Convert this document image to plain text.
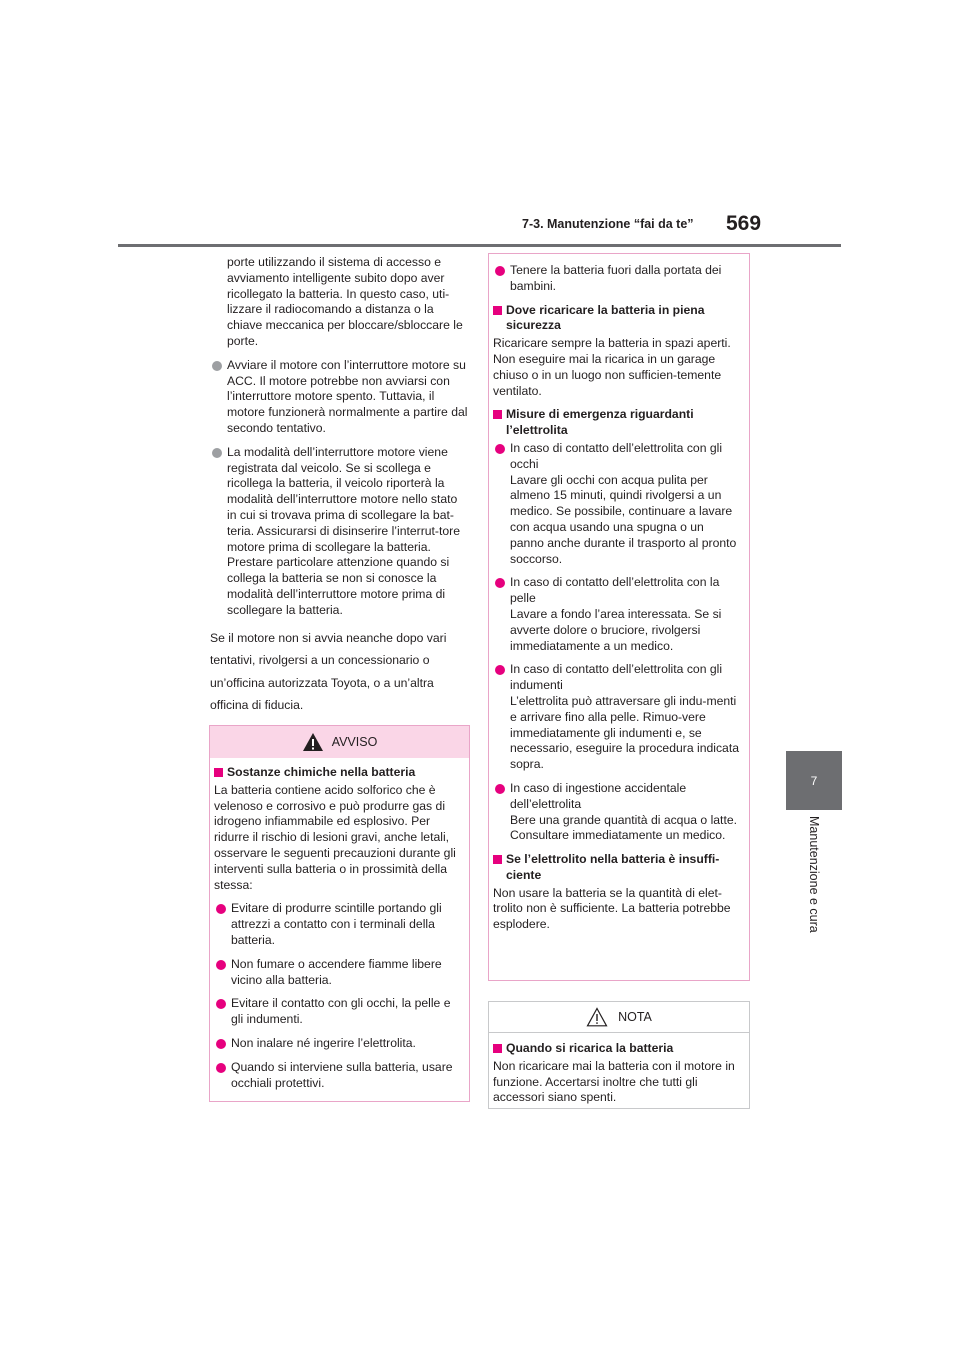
7-3. Manutenzione “fai da te” 569
7
Manutenzione e cura

porte utilizzando il sistema di accesso e avviamento intelligente subito dopo aver ricollegato la batteria. In questo caso, uti-lizzare il radiocomando a distanza o la chiave meccanica per bloccare/sbloccare le porte.

Avviare il motore con l’interruttore motore su ACC. Il motore potrebbe non avviarsi con l’interruttore motore spento. Tuttavia, il motore funzionerà normalmente a partire dal secondo tentativo.
La modalità dell’interruttore motore viene registrata dal veicolo. Se si scollega e ricollega la batteria, il veicolo riporterà la modalità dell’interruttore motore nello stato in cui si trovava prima di scollegare la bat-teria. Assicurarsi di disinserire l’interrut-tore motore prima di scollegare la batteria. Prestare particolare attenzione quando si collega la batteria se non si conosce la modalità dell’interruttore motore prima di scollegare la batteria.

Se il motore non si avvia neanche dopo vari

tentativi, rivolgersi a un concessionario o

un’officina autorizzata Toyota, o a un’altra

officina di fiducia.

AVVISO
Sostanze chimiche nella batteria

La batteria contiene acido solforico che è velenoso e corrosivo e può produrre gas di idrogeno infiammabile ed esplosivo. Per ridurre il rischio di lesioni gravi, anche letali, osservare le seguenti precauzioni durante gli interventi sulla batteria o in prossimità della stessa:

Evitare di produrre scintille portando gli attrezzi a contatto con i terminali della batteria.
Non fumare o accendere fiamme libere vicino alla batteria.
Evitare il contatto con gli occhi, la pelle e gli indumenti.
Non inalare né ingerire l’elettrolita.
Quando si interviene sulla batteria, usare occhiali protettivi.
Tenere la batteria fuori dalla portata dei bambini.
Dove ricaricare la batteria in piena sicurezza

Ricaricare sempre la batteria in spazi aperti. Non eseguire mai la ricarica in un garage chiuso o in un luogo non sufficien-temente ventilato.

Misure di emergenza riguardanti l’elettrolita
In caso di contatto dell’elettrolita con gli occhi
Lavare gli occhi con acqua pulita per almeno 15 minuti, quindi rivolgersi a un medico. Se possibile, continuare a lavare con acqua usando una spugna o un panno anche durante il trasporto al pronto soccorso.
In caso di contatto dell’elettrolita con la pelle
Lavare a fondo l’area interessata. Se si avverte dolore o bruciore, rivolgersi immediatamente a un medico.
In caso di contatto dell’elettrolita con gli indumenti
L’elettrolita può attraversare gli indu-menti e arrivare fino alla pelle. Rimuo-vere immediatamente gli indumenti e, se necessario, eseguire la procedura indicata sopra.
In caso di ingestione accidentale dell’elettrolita
Bere una grande quantità di acqua o latte. Consultare immediatamente un medico.
Se l’elettrolito nella batteria è insuffi-ciente

Non usare la batteria se la quantità di elet-trolito non è sufficiente. La batteria potrebbe esplodere.

NOTA
Quando si ricarica la batteria

Non ricaricare mai la batteria con il motore in funzione. Accertarsi inoltre che tutti gli accessori siano spenti.
